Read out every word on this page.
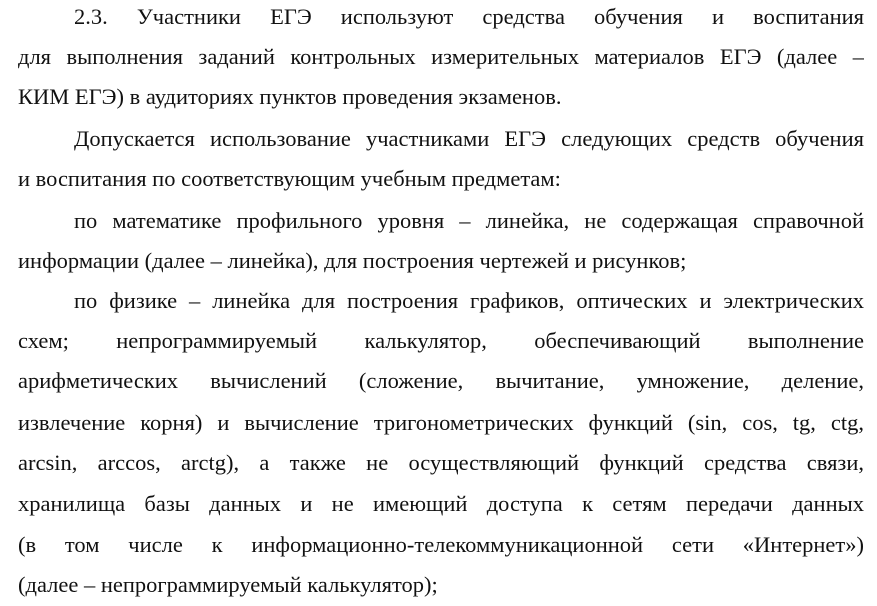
2.3. Участники ЕГЭ используют средства обучения и воспитания
для выполнения заданий контрольных измерительных материалов ЕГЭ (далее –
КИМ ЕГЭ) в аудиториях пунктов проведения экзаменов.
Допускается использование участниками ЕГЭ следующих средств обучения
и воспитания по соответствующим учебным предметам:
по математике профильного уровня – линейка, не содержащая справочной
информации (далее – линейка), для построения чертежей и рисунков;
по физике – линейка для построения графиков, оптических и электрических
схем; непрограммируемый калькулятор, обеспечивающий выполнение
арифметических вычислений (сложение, вычитание, умножение, деление,
извлечение корня) и вычисление тригонометрических функций (sin, cos, tg, ctg,
arcsin, arccos, arctg), а также не осуществляющий функций средства связи,
хранилища базы данных и не имеющий доступа к сетям передачи данных
(в том числе к информационно-телекоммуникационной сети «Интернет»)
(далее – непрограммируемый калькулятор);
